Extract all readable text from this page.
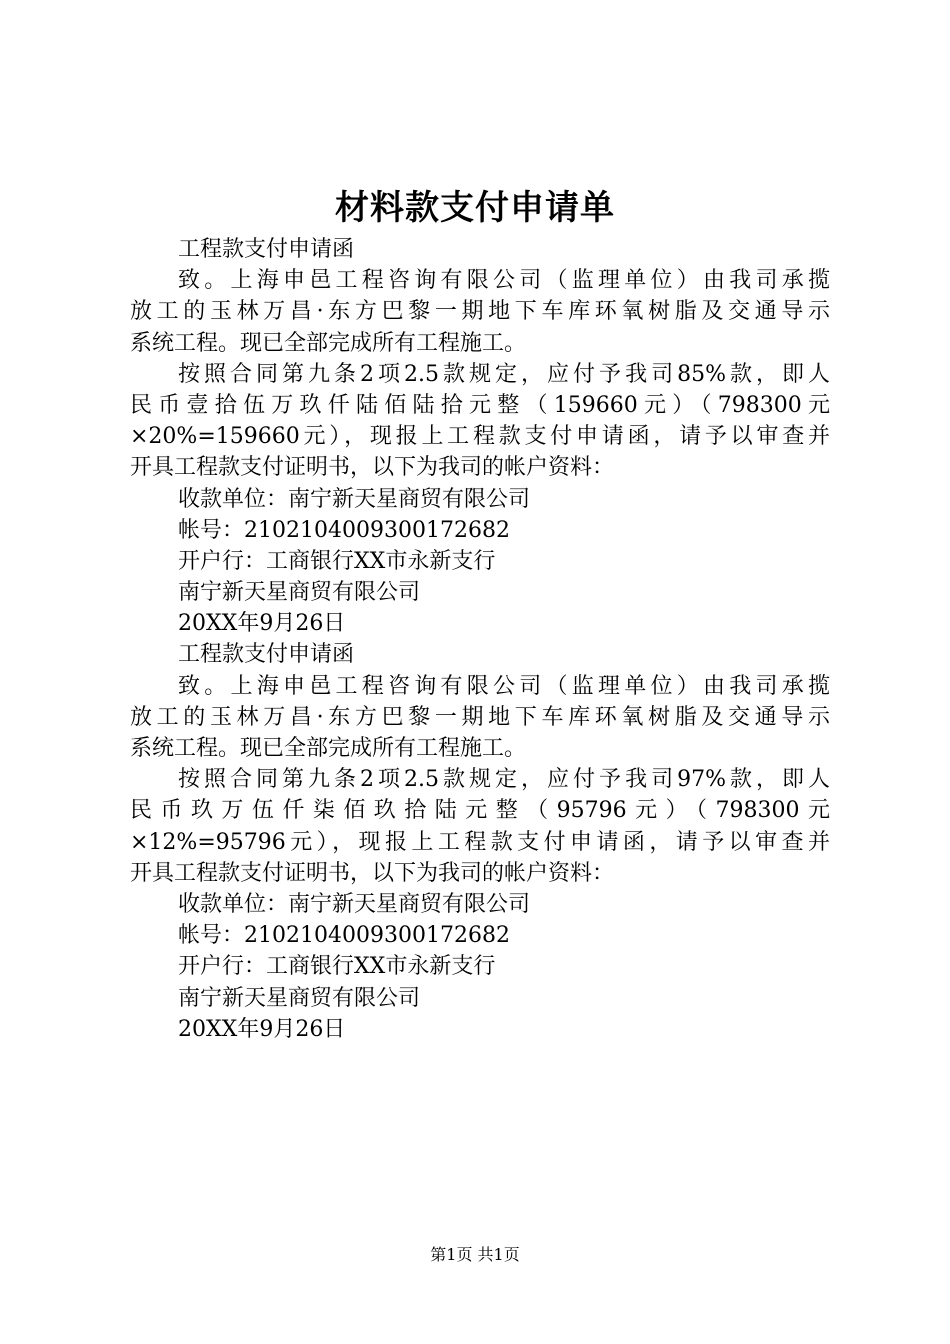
材料款支付申请单
工程款支付申请函
致。上海申邑工程咨询有限公司（监理单位）由我司承揽
放工的玉林万昌·东方巴黎一期地下车库环氧树脂及交通导示
系统工程。现已全部完成所有工程施工。
按照合同第九条2项2.5款规定，应付予我司85%款，即人
民币壹拾伍万玖仟陆佰陆拾元整（159660元）（798300元
×20%=159660元），现报上工程款支付申请函，请予以审查并
开具工程款支付证明书，以下为我司的帐户资料：
收款单位：南宁新天星商贸有限公司
帐号：2102104009300172682
开户行：工商银行XX市永新支行
南宁新天星商贸有限公司
20XX年9月26日
工程款支付申请函
致。上海申邑工程咨询有限公司（监理单位）由我司承揽
放工的玉林万昌·东方巴黎一期地下车库环氧树脂及交通导示
系统工程。现已全部完成所有工程施工。
按照合同第九条2项2.5款规定，应付予我司97%款，即人
民币玖万伍仟柒佰玖拾陆元整（95796元）（798300元
×12%=95796元），现报上工程款支付申请函，请予以审查并
开具工程款支付证明书，以下为我司的帐户资料：
收款单位：南宁新天星商贸有限公司
帐号：2102104009300172682
开户行：工商银行XX市永新支行
南宁新天星商贸有限公司
20XX年9月26日
第1页 共1页
